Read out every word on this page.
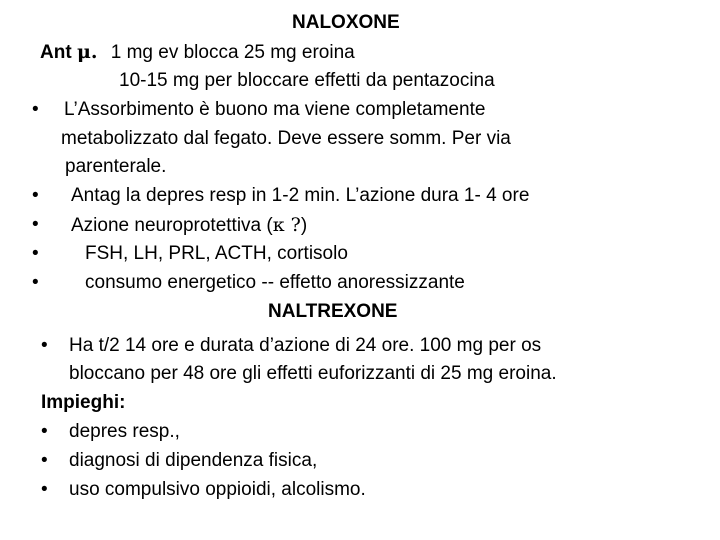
NALOXONE
Ant μ. 1 mg ev blocca 25 mg eroina
10-15 mg per bloccare effetti da pentazocina
• L’Assorbimento è buono ma viene completamente
metabolizzato dal fegato. Deve essere somm. Per via
parenterale.
• Antag la depres resp in 1-2 min. L’azione dura 1- 4 ore
• Azione neuroprotettiva (κ ?)
• FSH, LH, PRL, ACTH, cortisolo
• consumo energetico -- effetto anoressizzante
NALTREXONE
• Ha t/2 14 ore e durata d’azione di 24 ore. 100 mg per os
bloccano per 48 ore gli effetti euforizzanti di 25 mg eroina.
Impieghi:
• depres resp.,
• diagnosi di dipendenza fisica,
• uso compulsivo oppioidi, alcolismo.
